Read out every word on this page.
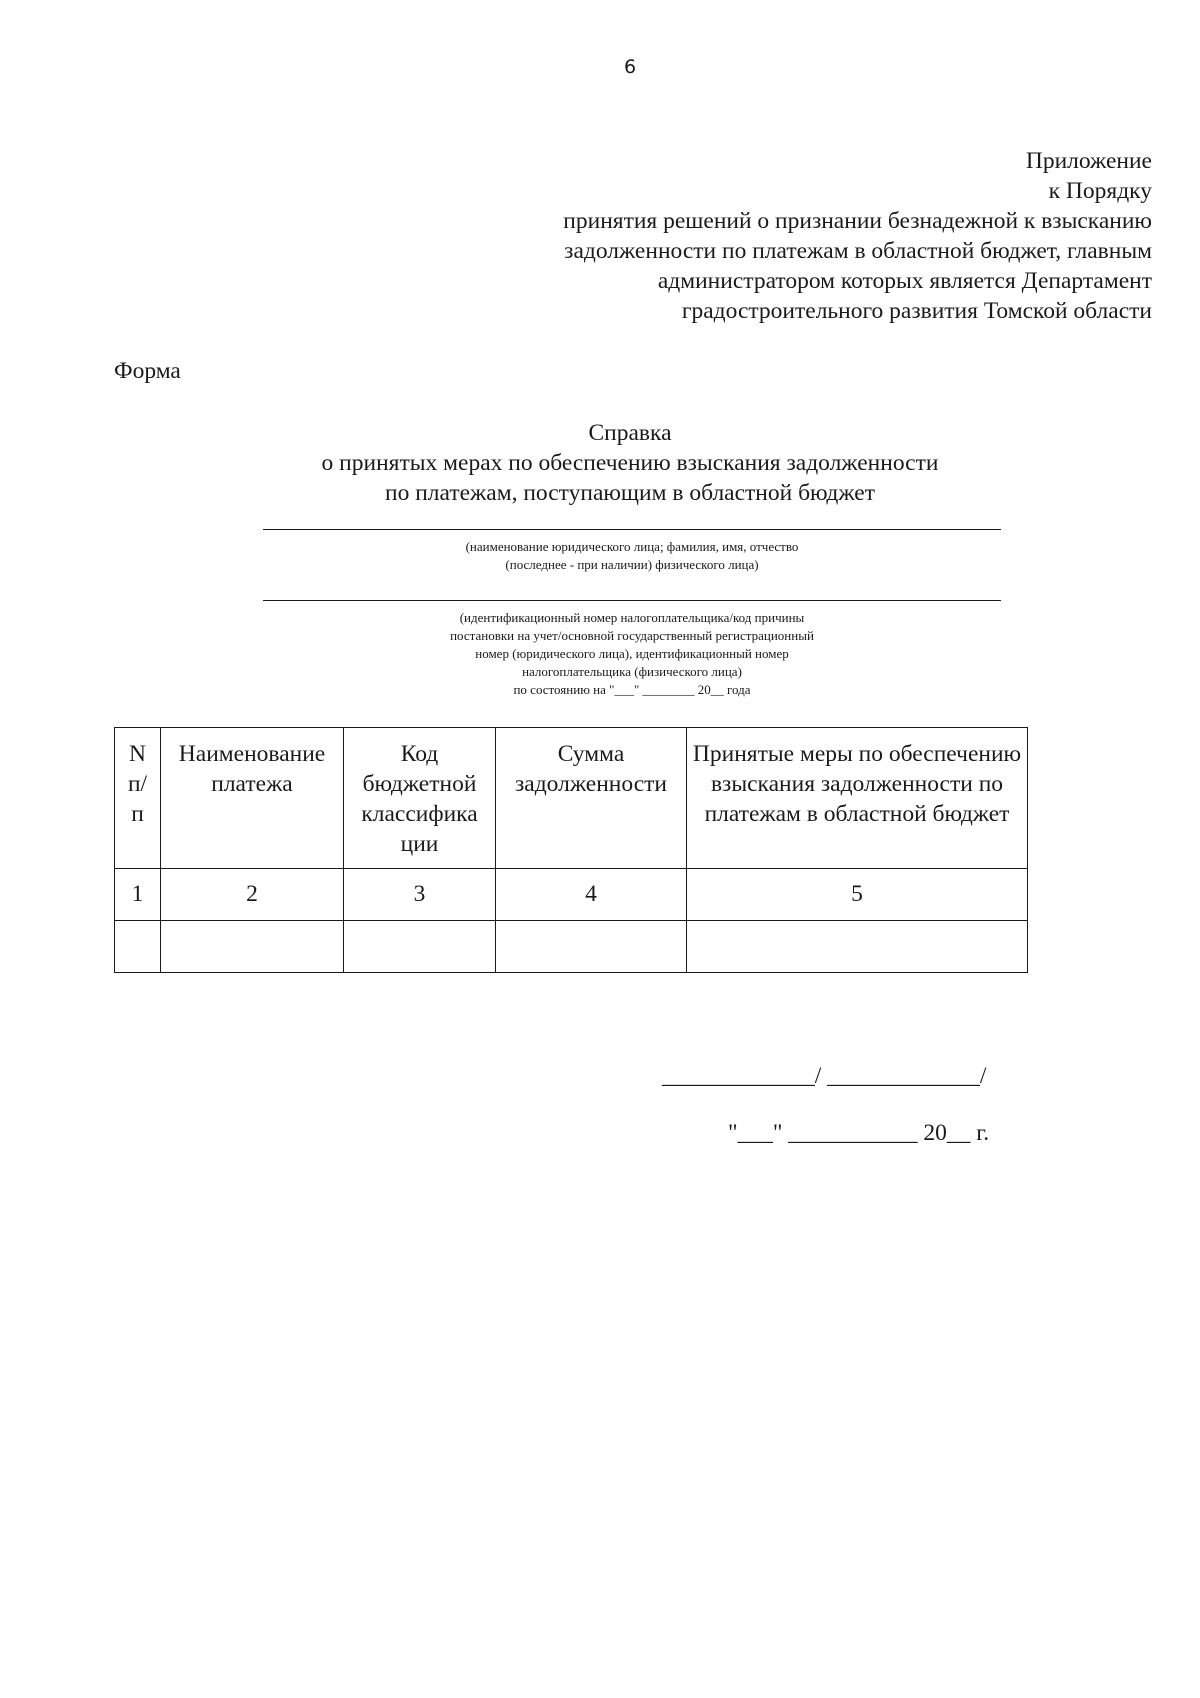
6
Приложение
к Порядку
принятия решений о признании безнадежной к взысканию
задолженности по платежам в областной бюджет, главным
администратором которых является Департамент
градостроительного развития Томской области
Форма
Справка
о принятых мерах по обеспечению взыскания задолженности
по платежам, поступающим в областной бюджет
(наименование юридического лица; фамилия, имя, отчество
(последнее - при наличии) физического лица)
(идентификационный номер налогоплательщика/код причины
постановки на учет/основной государственный регистрационный
номер (юридического лица), идентификационный номер
налогоплательщика (физического лица)
по состоянию на "___" ________ 20__ года
N п/ п	Наименование платежа	Код бюджетной классифика ции	Сумма задолженности	Принятые меры по обеспечению взыскания задолженности по платежам в областной бюджет
1	2	3	4	5

_____________/ _____________/
"___" ___________ 20__ г.
